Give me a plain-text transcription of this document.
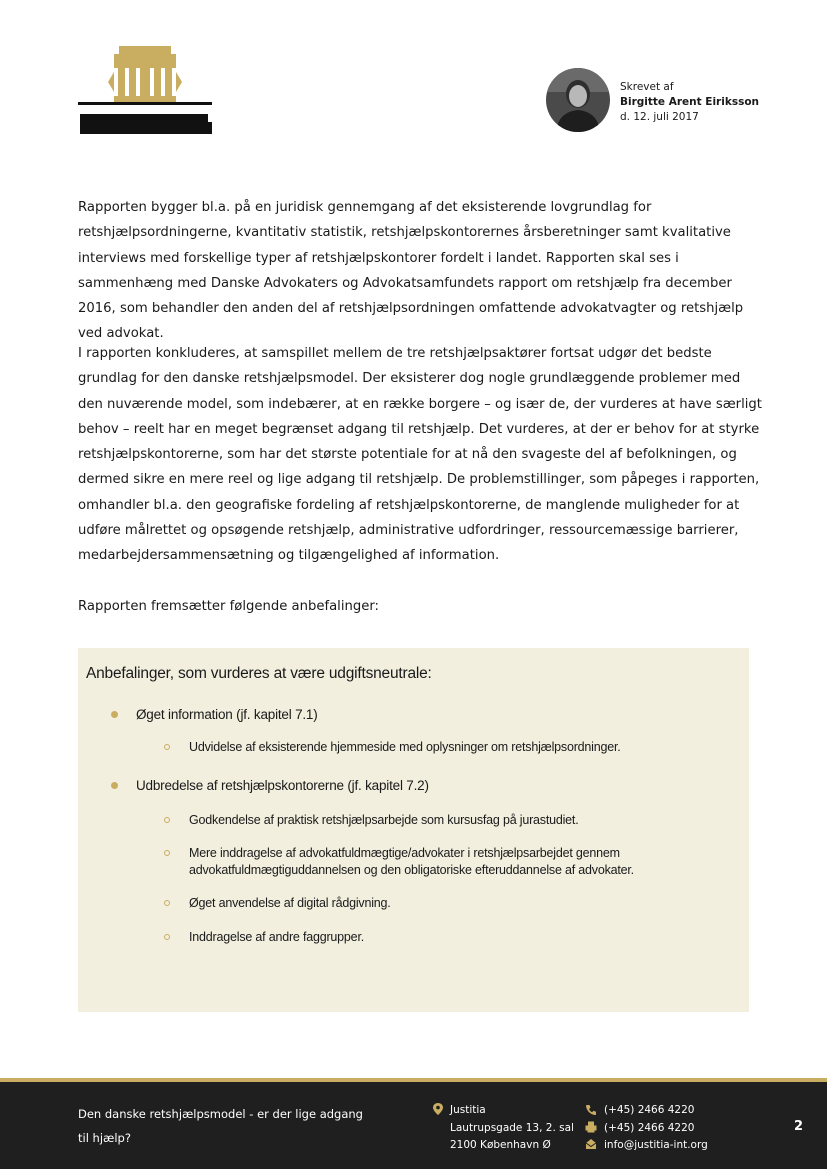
Skrevet af
Birgitte Arent Eiriksson
d. 12. juli 2017

Rapporten bygger bl.a. på en juridisk gennemgang af det eksisterende lovgrundlag for retshjælpsordningerne, kvantitativ statistik, retshjælpskontorernes årsberetninger samt kvalitative interviews med forskellige typer af retshjælpskontorer fordelt i landet. Rapporten skal ses i sammenhæng med Danske Advokaters og Advokatsamfundets rapport om retshjælp fra december 2016, som behandler den anden del af retshjælpsordningen omfattende advokatvagter og retshjælp ved advokat.

I rapporten konkluderes, at samspillet mellem de tre retshjælpsaktører fortsat udgør det bedste grundlag for den danske retshjælpsmodel. Der eksisterer dog nogle grundlæggende problemer med den nuværende model, som indebærer, at en række borgere – og især de, der vurderes at have særligt behov – reelt har en meget begrænset adgang til retshjælp. Det vurderes, at der er behov for at styrke retshjælpskontorerne, som har det største potentiale for at nå den svageste del af befolkningen, og dermed sikre en mere reel og lige adgang til retshjælp. De problemstillinger, som påpeges i rapporten, omhandler bl.a. den geografiske fordeling af retshjælpskontorerne, de manglende muligheder for at udføre målrettet og opsøgende retshjælp, administrative udfordringer, ressourcemæssige barrierer, medarbejdersammensætning og tilgængelighed af information.

Rapporten fremsætter følgende anbefalinger:

Anbefalinger, som vurderes at være udgiftsneutrale:
Øget information (jf. kapitel 7.1)
Udvidelse af eksisterende hjemmeside med oplysninger om retshjælpsordninger.
Udbredelse af retshjælpskontorerne (jf. kapitel 7.2)
Godkendelse af praktisk retshjælpsarbejde som kursusfag på jurastudiet.
Mere inddragelse af advokatfuldmægtige/advokater i retshjælpsarbejdet gennem advokatfuldmægtiguddannelsen og den obligatoriske efteruddannelse af advokater.
Øget anvendelse af digital rådgivning.
Inddragelse af andre faggrupper.
Den danske retshjælpsmodel - er der lige adgang til hjælp?
Justitia
Lautrupsgade 13, 2. sal
2100 København Ø
(+45) 2466 4220
(+45) 2466 4220
info@justitia-int.org
2
